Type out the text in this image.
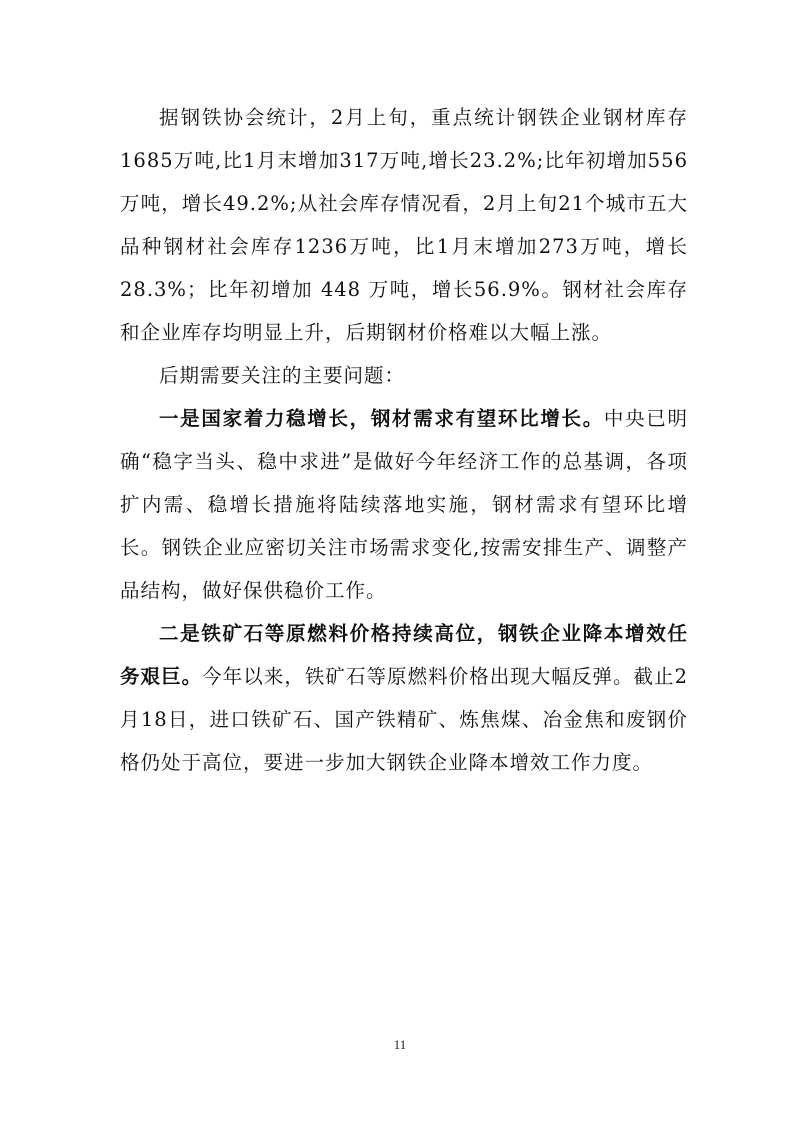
据钢铁协会统计，2月上旬，重点统计钢铁企业钢材库存1685万吨,比1月末增加317万吨,增长23.2%;比年初增加556万吨，增长49.2%;从社会库存情况看，2月上旬21个城市五大品种钢材社会库存1236万吨，比1月末增加273万吨，增长28.3%；比年初增加 448 万吨，增长56.9%。钢材社会库存和企业库存均明显上升，后期钢材价格难以大幅上涨。

后期需要关注的主要问题：

一是国家着力稳增长，钢材需求有望环比增长。中央已明确“稳字当头、稳中求进”是做好今年经济工作的总基调，各项扩内需、稳增长措施将陆续落地实施，钢材需求有望环比增长。钢铁企业应密切关注市场需求变化,按需安排生产、调整产品结构，做好保供稳价工作。

二是铁矿石等原燃料价格持续高位，钢铁企业降本增效任务艰巨。今年以来，铁矿石等原燃料价格出现大幅反弹。截止2月18日，进口铁矿石、国产铁精矿、炼焦煤、冶金焦和废钢价格仍处于高位，要进一步加大钢铁企业降本增效工作力度。

11
